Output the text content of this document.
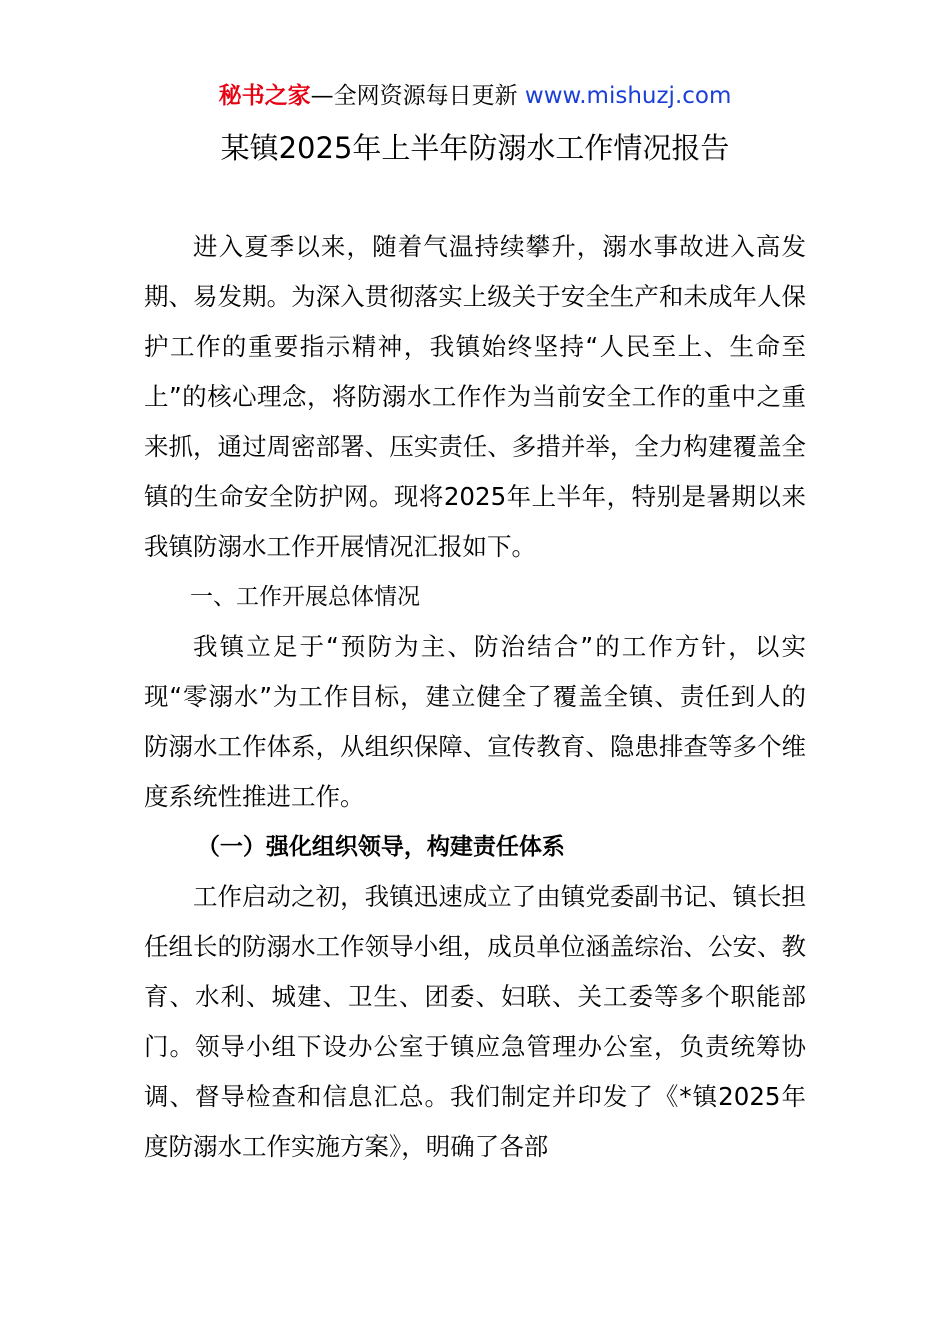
秘书之家—全网资源每日更新 www.mishuzj.com
某镇2025年上半年防溺水工作情况报告

进入夏季以来，随着气温持续攀升，溺水事故进入高发期、易发期。为深入贯彻落实上级关于安全生产和未成年人保护工作的重要指示精神，我镇始终坚持“人民至上、生命至上”的核心理念，将防溺水工作作为当前安全工作的重中之重来抓，通过周密部署、压实责任、多措并举，全力构建覆盖全镇的生命安全防护网。现将2025年上半年，特别是暑期以来我镇防溺水工作开展情况汇报如下。

一、工作开展总体情况

我镇立足于“预防为主、防治结合”的工作方针，以实现“零溺水”为工作目标，建立健全了覆盖全镇、责任到人的防溺水工作体系，从组织保障、宣传教育、隐患排查等多个维度系统性推进工作。

（一）强化组织领导，构建责任体系

工作启动之初，我镇迅速成立了由镇党委副书记、镇长担任组长的防溺水工作领导小组，成员单位涵盖综治、公安、教育、水利、城建、卫生、团委、妇联、关工委等多个职能部门。领导小组下设办公室于镇应急管理办公室，负责统筹协调、督导检查和信息汇总。我们制定并印发了《*镇2025年度防溺水工作实施方案》，明确了各部
